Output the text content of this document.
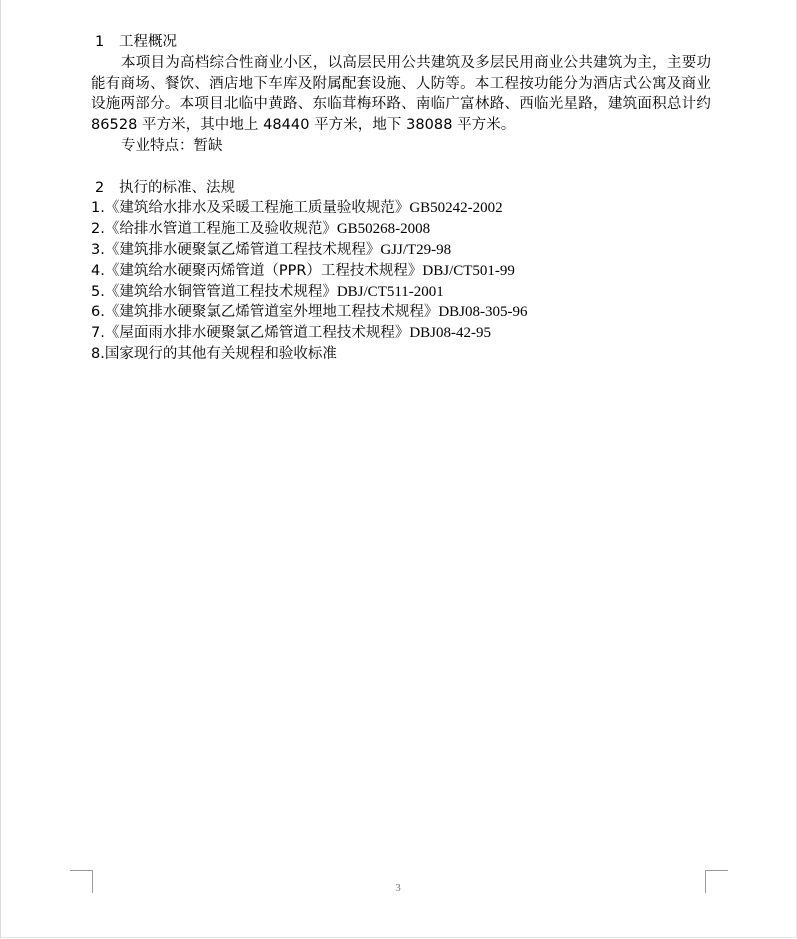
1 工程概况
本项目为高档综合性商业小区，以高层民用公共建筑及多层民用商业公共建筑为主，主要功能有商场、餐饮、酒店地下车库及附属配套设施、人防等。本工程按功能分为酒店式公寓及商业设施两部分。本项目北临中黄路、东临茸梅环路、南临广富林路、西临光星路，建筑面积总计约 86528 平方米，其中地上 48440 平方米，地下 38088 平方米。
专业特点：暂缺
2 执行的标准、法规
1.《建筑给水排水及采暖工程施工质量验收规范》GB50242-2002
2.《给排水管道工程施工及验收规范》GB50268-2008
3.《建筑排水硬聚氯乙烯管道工程技术规程》GJJ/T29-98
4.《建筑给水硬聚丙烯管道（PPR）工程技术规程》DBJ/CT501-99
5.《建筑给水铜管管道工程技术规程》DBJ/CT511-2001
6.《建筑排水硬聚氯乙烯管道室外埋地工程技术规程》DBJ08-305-96
7.《屋面雨水排水硬聚氯乙烯管道工程技术规程》DBJ08-42-95
8.国家现行的其他有关规程和验收标准
3
